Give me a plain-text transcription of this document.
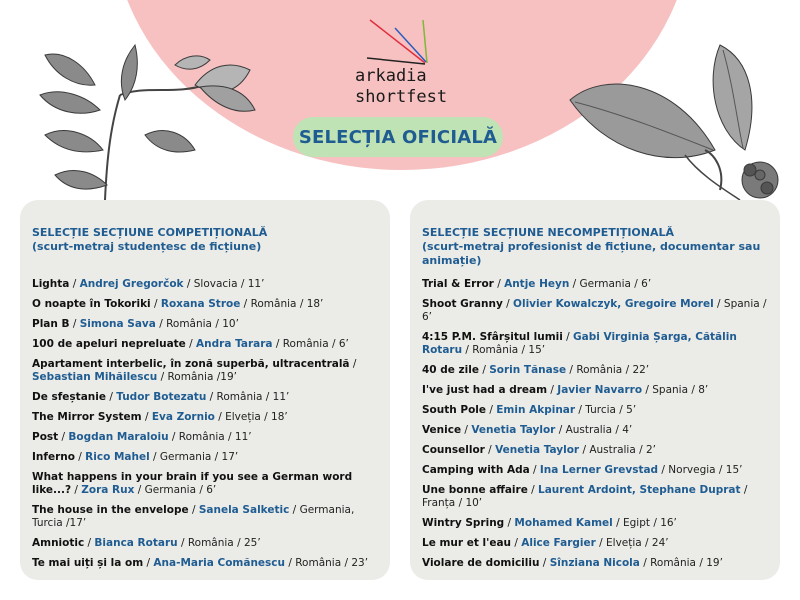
arkadia
shortfest
SELECȚIA OFICIALĂ
SELECȚIE SECȚIUNE COMPETIȚIONALĂ
(scurt-metraj studențesc de ficțiune)
Lighta / Andrej Gregorčok / Slovacia / 11’
O noapte în Tokoriki / Roxana Stroe / România / 18’
Plan B / Simona Sava / România / 10’
100 de apeluri nepreluate / Andra Tarara / România / 6’
Apartament interbelic, în zonă superbă, ultracentrală / Sebastian Mihăilescu / România /19’
De sfeștanie / Tudor Botezatu / România / 11’
The Mirror System / Eva Zornio / Elveția / 18’
Post / Bogdan Maraloiu / România / 11’
Inferno / Rico Mahel / Germania / 17’
What happens in your brain if you see a German word like...? / Zora Rux / Germania / 6’
The house in the envelope / Sanela Salketic / Germania, Turcia /17’
Amniotic / Bianca Rotaru / România / 25’
Te mai uiți și la om / Ana-Maria Comănescu / România / 23’
SELECȚIE SECȚIUNE NECOMPETIȚIONALĂ
(scurt-metraj profesionist de ficțiune, documentar sau animație)
Trial & Error / Antje Heyn / Germania / 6’
Shoot Granny / Olivier Kowalczyk, Gregoire Morel / Spania / 6’
4:15 P.M. Sfârșitul lumii / Gabi Virginia Șarga, Cătălin Rotaru / România / 15’
40 de zile / Sorin Tănase / România / 22’
I've just had a dream / Javier Navarro / Spania / 8’
South Pole / Emin Akpinar / Turcia / 5’
Venice / Venetia Taylor / Australia / 4’
Counsellor / Venetia Taylor / Australia / 2’
Camping with Ada / Ina Lerner Grevstad / Norvegia / 15’
Une bonne affaire / Laurent Ardoint, Stephane Duprat / Franța / 10’
Wintry Spring / Mohamed Kamel / Egipt / 16’
Le mur et l'eau / Alice Fargier / Elveția / 24’
Violare de domiciliu / Sînziana Nicola / România / 19’
